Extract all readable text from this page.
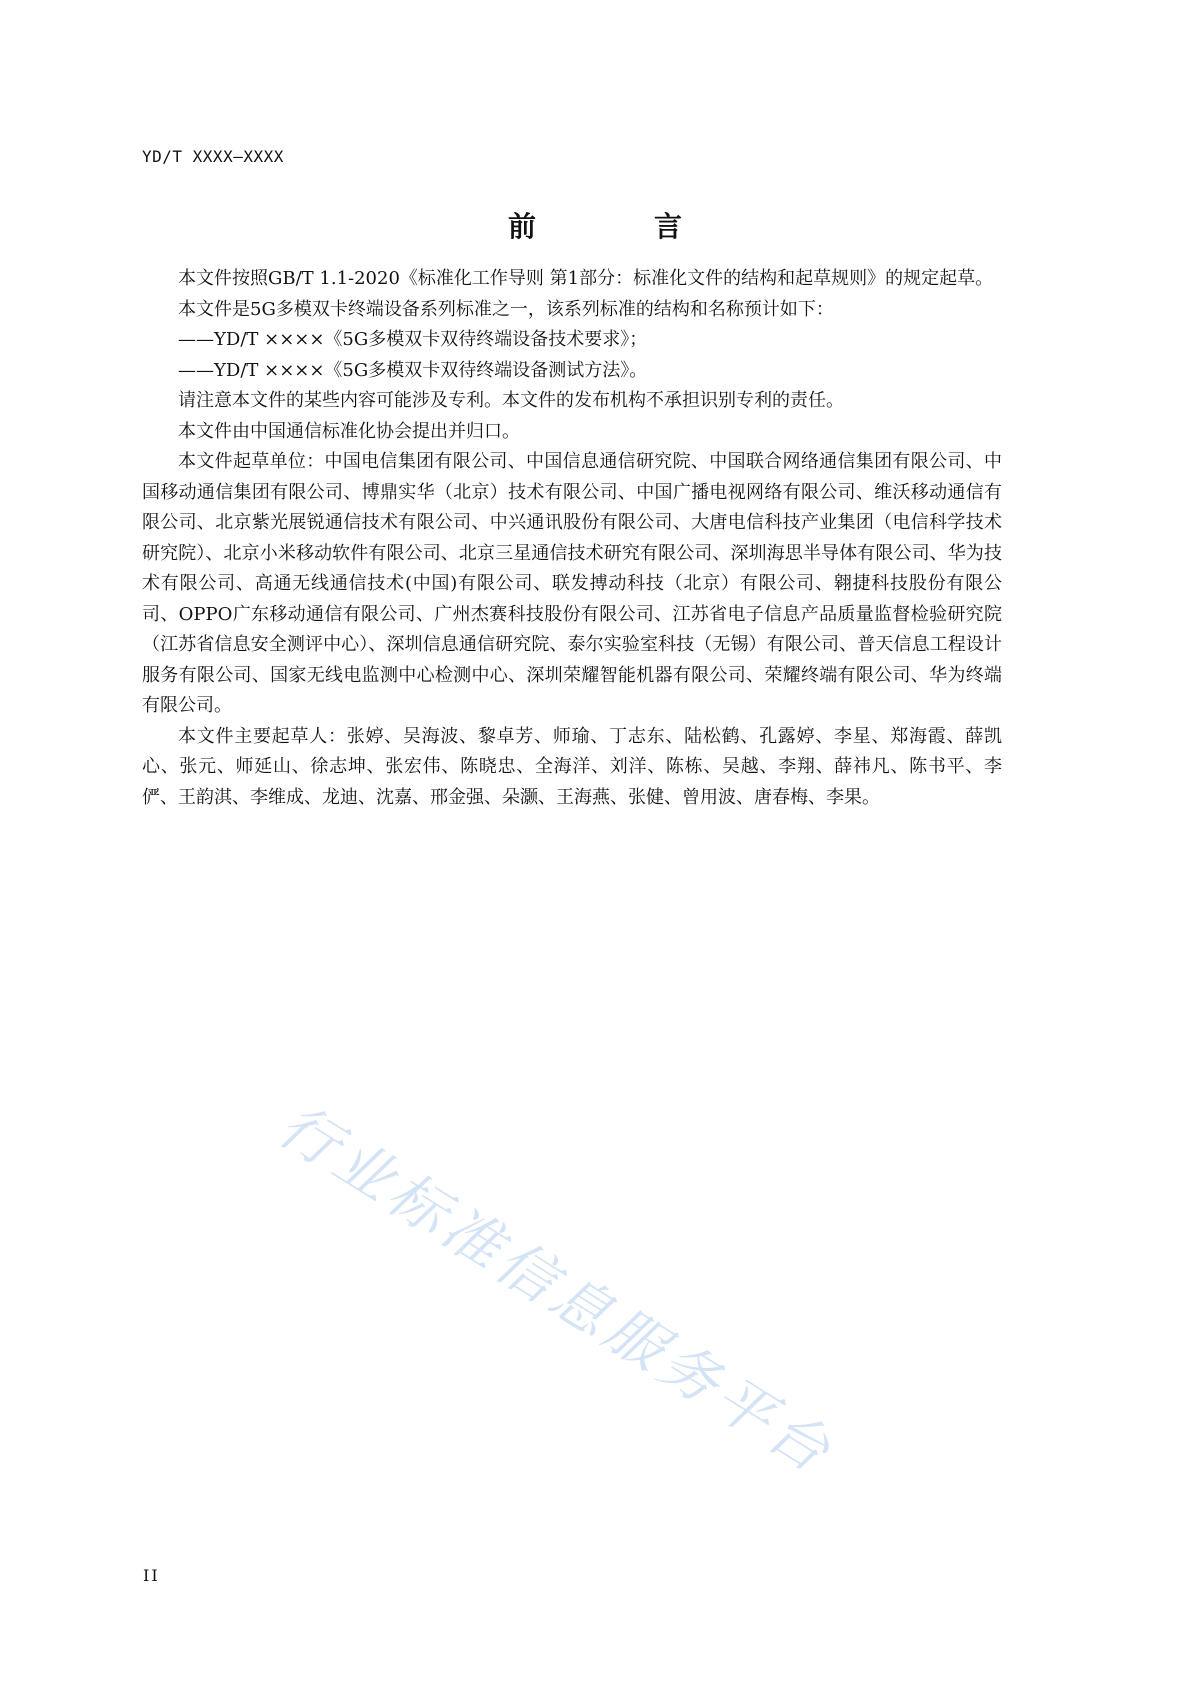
YD/T XXXX—XXXX
前　言

本文件按照GB/T 1.1-2020《标准化工作导则 第1部分：标准化文件的结构和起草规则》的规定起草。

本文件是5G多模双卡终端设备系列标准之一，该系列标准的结构和名称预计如下：

——YD/T ××××《5G多模双卡双待终端设备技术要求》；

——YD/T ××××《5G多模双卡双待终端设备测试方法》。

请注意本文件的某些内容可能涉及专利。本文件的发布机构不承担识别专利的责任。

本文件由中国通信标准化协会提出并归口。

本文件起草单位：中国电信集团有限公司、中国信息通信研究院、中国联合网络通信集团有限公司、中国移动通信集团有限公司、博鼎实华（北京）技术有限公司、中国广播电视网络有限公司、维沃移动通信有限公司、北京紫光展锐通信技术有限公司、中兴通讯股份有限公司、大唐电信科技产业集团（电信科学技术研究院）、北京小米移动软件有限公司、北京三星通信技术研究有限公司、深圳海思半导体有限公司、华为技术有限公司、高通无线通信技术(中国)有限公司、联发搏动科技（北京）有限公司、翱捷科技股份有限公司、OPPO广东移动通信有限公司、广州杰赛科技股份有限公司、江苏省电子信息产品质量监督检验研究院（江苏省信息安全测评中心）、深圳信息通信研究院、泰尔实验室科技（无锡）有限公司、普天信息工程设计服务有限公司、国家无线电监测中心检测中心、深圳荣耀智能机器有限公司、荣耀终端有限公司、华为终端有限公司。

本文件主要起草人：张婷、吴海波、黎卓芳、师瑜、丁志东、陆松鹤、孔露婷、李星、郑海霞、薛凯心、张元、师延山、徐志坤、张宏伟、陈晓忠、全海洋、刘洋、陈栋、吴越、李翔、薛祎凡、陈书平、李俨、王韵淇、李维成、龙迪、沈嘉、邢金强、朵灏、王海燕、张健、曾用波、唐春梅、李果。

行业标准信息服务平台
II
